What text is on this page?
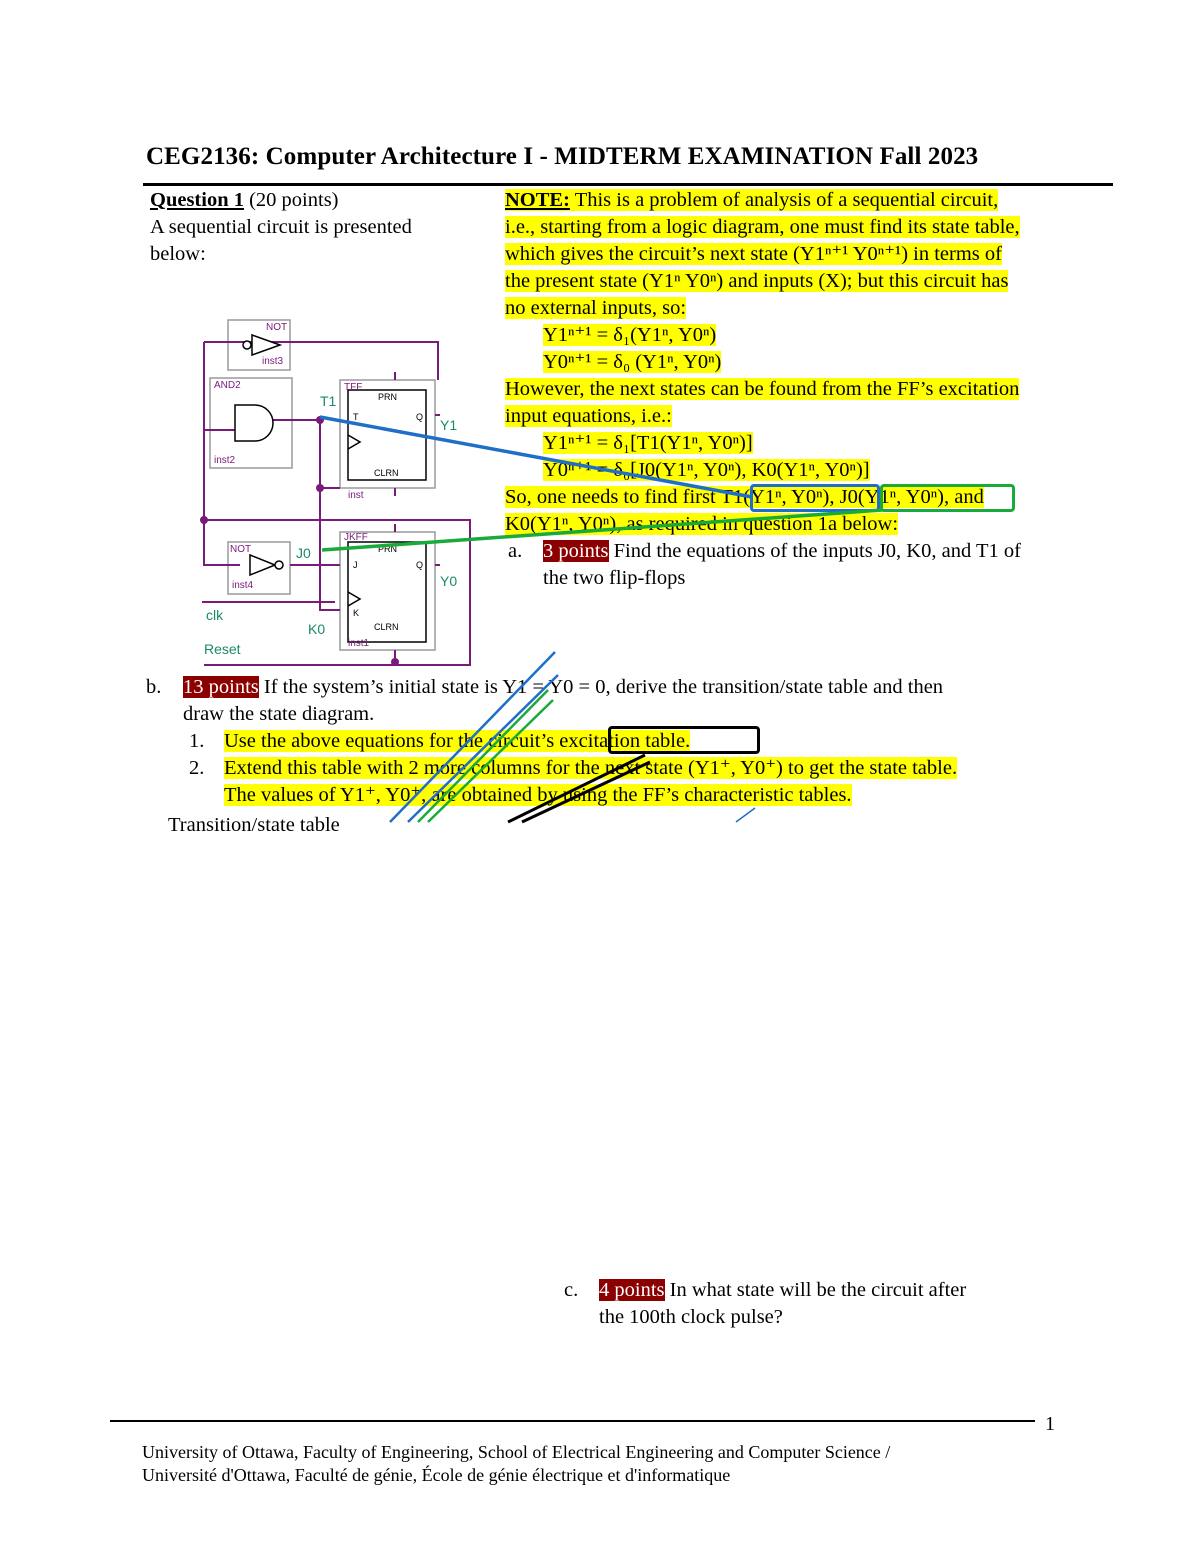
CEG2136: Computer Architecture I - MIDTERM EXAMINATION Fall 2023
Question 1 (20 points)
A sequential circuit is presented
below:
NOT
inst3
AND2
inst2
TFF
inst
NOT
inst4
JKFF
inst1
PRN
T	Q
CLRN
PRN
J	Q
K
CLRN
T1
Y1
J0
Y0
K0
clk
Reset
NOTE: This is a problem of analysis of a sequential circuit,
i.e., starting from a logic diagram, one must find its state table,
which gives the circuit’s next state (Y1ⁿ⁺¹ Y0ⁿ⁺¹) in terms of
the present state (Y1ⁿ Y0ⁿ) and inputs (X); but this circuit has
no external inputs, so:
Y1ⁿ⁺¹ = δ₁(Y1ⁿ, Y0ⁿ)
Y0ⁿ⁺¹ = δ₀ (Y1ⁿ, Y0ⁿ)
However, the next states can be found from the FF’s excitation
input equations, i.e.:
Y1ⁿ⁺¹ = δ₁[T1(Y1ⁿ, Y0ⁿ)]
Y0ⁿ⁺¹ = δ₀[J0(Y1ⁿ, Y0ⁿ), K0(Y1ⁿ, Y0ⁿ)]
So, one needs to find first T1(Y1ⁿ, Y0ⁿ), J0(Y1ⁿ, Y0ⁿ), and
K0(Y1ⁿ, Y0ⁿ), as required in question 1a below:
a. 3 points Find the equations of the inputs J0, K0, and T1 of
the two flip-flops
b. 13 points If the system’s initial state is Y1 = Y0 = 0, derive the transition/state table and then
draw the state diagram.
1. Use the above equations for the circuit’s excitation table.
2. Extend this table with 2 more columns for the next state (Y1⁺, Y0⁺) to get the state table.
The values of Y1⁺, Y0⁺, are obtained by using the FF’s characteristic tables.
Transition/state table
c. 4 points In what state will be the circuit after
the 100th clock pulse?
1
University of Ottawa, Faculty of Engineering, School of Electrical Engineering and Computer Science /
Université d'Ottawa, Faculté de génie, École de génie électrique et d'informatique
